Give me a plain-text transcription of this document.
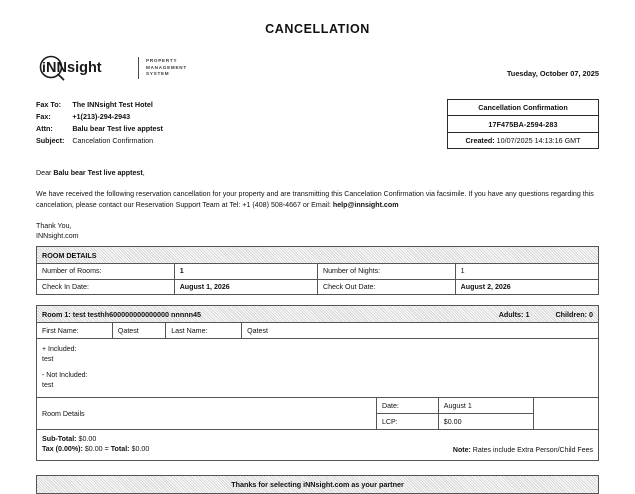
CANCELLATION
i NN sight	PROPERTY
MANAGEMENT
SYSTEM	Tuesday, October 07, 2025
Fax To:	The INNsight Test Hotel
Fax:	+1(213)-294-2943
Attn:	Balu bear Test live apptest
Subject:	Cancelation Confirmation
Cancellation Confirmation
17F475BA-2594-283
Created: 10/07/2025 14:13:16 GMT

Dear Balu bear Test live apptest,

We have received the following reservation cancellation for your property and are transmitting this Cancelation Confirmation via facsimile. If you have any questions regarding this cancelation, please contact our Reservation Support Team at Tel: +1 (408) 508-4667 or Email: help@innsight.com

Thank You,

INNsight.com

ROOM DETAILS			
Number of Rooms:	1	Number of Nights:	1
Check In Date:	August 1, 2026	Check Out Date:	August 2, 2026
Room 1: test testhh600000000000000 nnnnn45 Adults: 1 Children: 0						

First Name:	Qatest	Last Name:	Qatest			

+ Included:
test
- Not Included:
test						

Room Details				Date:	August 1	
				LCP:	$0.00	

Sub-Total: $0.00
Tax (0.00%): $0.00 = Total: $0.00 Note: Rates include Extra Person/Child Fees						
Thanks for selecting iNNsight.com as your partner
